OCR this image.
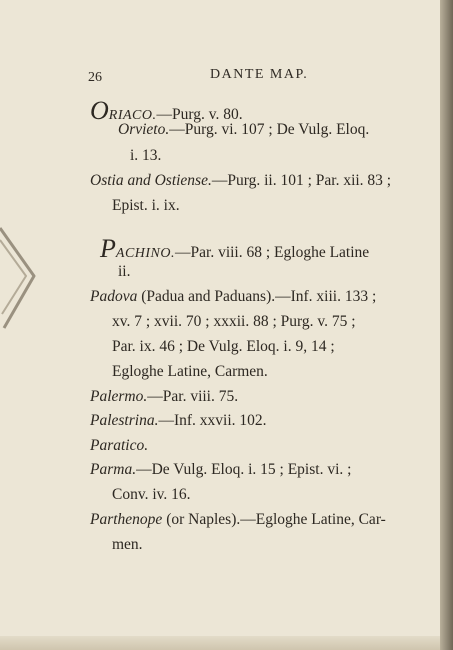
26	DANTE MAP.
ORIACO.—Purg. v. 80.
Orvieto.—Purg. vi. 107 ; De Vulg. Eloq.
i. 13.
Ostia and Ostiense.—Purg. ii. 101 ; Par. xii. 83 ;
Epist. i. ix.
PACHINO.—Par. viii. 68 ; Egloghe Latine
ii.
Padova (Padua and Paduans).—Inf. xiii. 133 ;
xv. 7 ; xvii. 70 ; xxxii. 88 ; Purg. v. 75 ;
Par. ix. 46 ; De Vulg. Eloq. i. 9, 14 ;
Egloghe Latine, Carmen.
Palermo.—Par. viii. 75.
Palestrina.—Inf. xxvii. 102.
Paratico.
Parma.—De Vulg. Eloq. i. 15 ; Epist. vi. ;
Conv. iv. 16.
Parthenope (or Naples).—Egloghe Latine, Car-
men.
